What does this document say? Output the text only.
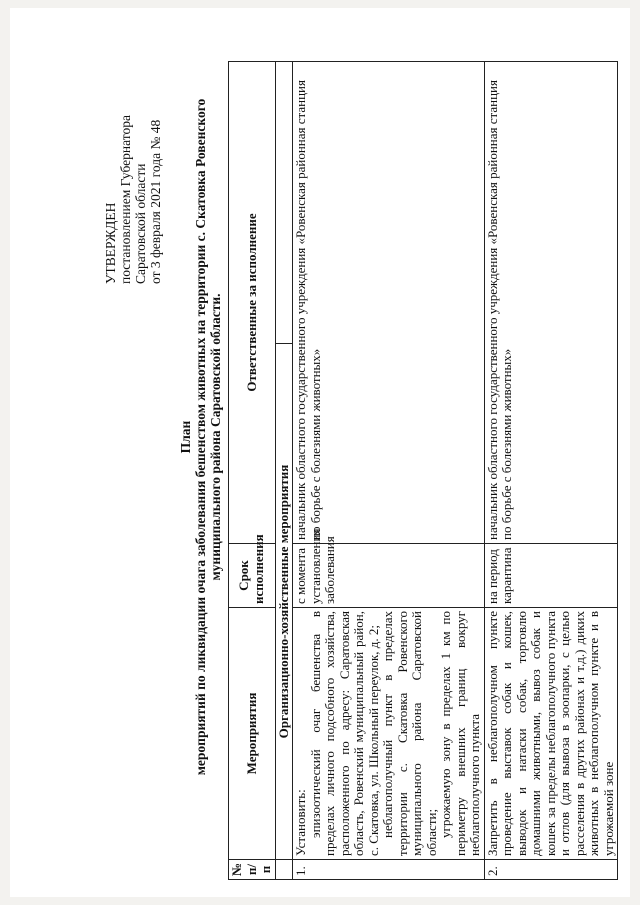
УТВЕРЖДЕН постановлением Губернатора Саратовской области от 3 февраля 2021 года № 48
План мероприятий по ликвидации очага заболевания бешенством животных на территории с. Скатовка Ровенского муниципального района Саратовской области.
№ п/п	Мероприятия	Срок исполнения	Ответственные за исполнение	
	Организационно-хозяйственные мероприятия			
1.	Установить: эпизоотический очаг бешенства в пределах личного подсобного хозяйства, расположенного по адресу: Саратовская область, Ровенский муниципальный район, с. Скатовка, ул. Школьный переулок, д. 2; неблагополучный пункт в пределах территории с. Скатовка Ровенского муниципального района Саратовской области; угрожаемую зону в пределах 1 км по периметру внешних границ вокруг неблагополучного пункта	с момента установления заболевания	начальник областного государственного учреждения «Ровенская районная станция по борьбе с болезнями животных»	
2.	Запретить в неблагополучном пункте проведение выставок собак и кошек, выводок и натаски собак, торговлю домашними животными, вывоз собак и кошек за пределы неблагополучного пункта и отлов (для вывоза в зоопарки, с целью расселения в других районах и т.д.) диких животных в неблагополучном пункте и в угрожаемой зоне	на период карантина	начальник областного государственного учреждения «Ровенская районная станция по борьбе с болезнями животных»	
